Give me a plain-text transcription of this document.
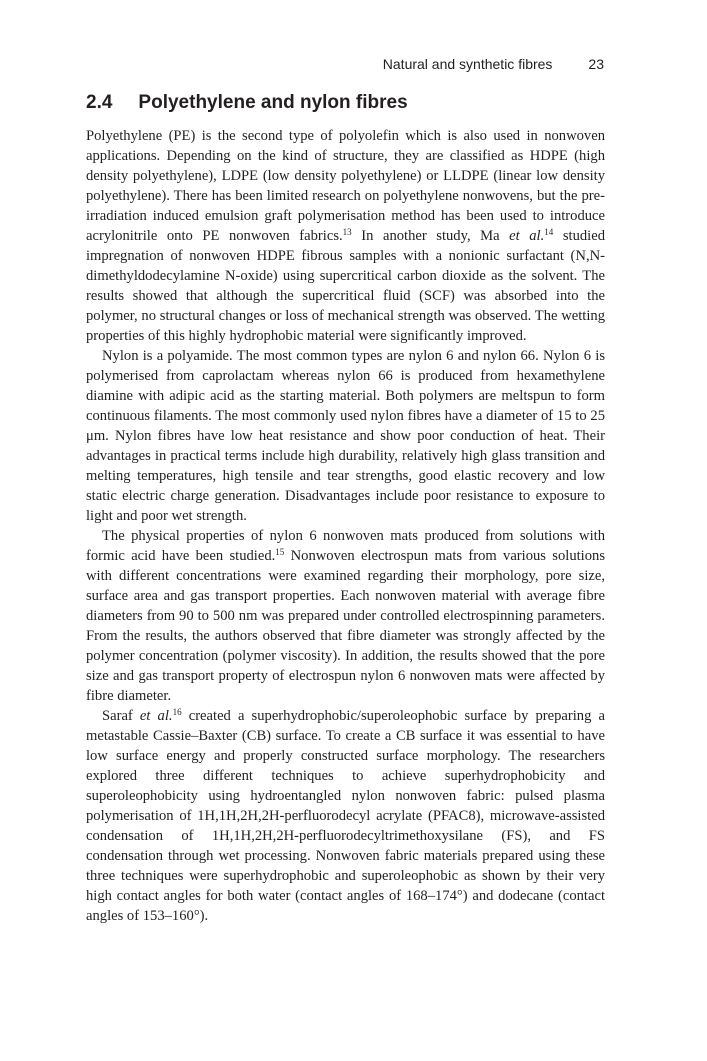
Natural and synthetic fibres	23
2.4 Polyethylene and nylon fibres

Polyethylene (PE) is the second type of polyolefin which is also used in nonwoven applications. Depending on the kind of structure, they are classified as HDPE (high density polyethylene), LDPE (low density polyethylene) or LLDPE (linear low density polyethylene). There has been limited research on polyethylene nonwovens, but the pre-irradiation induced emulsion graft polymerisation method has been used to introduce acrylonitrile onto PE nonwoven fabrics.$^{13}$ In another study, Ma et al.$^{14}$ studied impregnation of nonwoven HDPE fibrous samples with a nonionic surfactant (N,N-dimethyldodecylamine N-oxide) using supercritical carbon dioxide as the solvent. The results showed that although the supercritical fluid (SCF) was absorbed into the polymer, no structural changes or loss of mechanical strength was observed. The wetting properties of this highly hydrophobic material were significantly improved.

Nylon is a polyamide. The most common types are nylon 6 and nylon 66. Nylon 6 is polymerised from caprolactam whereas nylon 66 is produced from hexamethylene diamine with adipic acid as the starting material. Both polymers are meltspun to form continuous filaments. The most commonly used nylon fibres have a diameter of 15 to 25 μm. Nylon fibres have low heat resistance and show poor conduction of heat. Their advantages in practical terms include high durability, relatively high glass transition and melting temperatures, high tensile and tear strengths, good elastic recovery and low static electric charge generation. Disadvantages include poor resistance to exposure to light and poor wet strength.

The physical properties of nylon 6 nonwoven mats produced from solutions with formic acid have been studied.$^{15}$ Nonwoven electrospun mats from various solutions with different concentrations were examined regarding their morphology, pore size, surface area and gas transport properties. Each nonwoven material with average fibre diameters from 90 to 500 nm was prepared under controlled electrospinning parameters. From the results, the authors observed that fibre diameter was strongly affected by the polymer concentration (polymer viscosity). In addition, the results showed that the pore size and gas transport property of electrospun nylon 6 nonwoven mats were affected by fibre diameter.

Saraf et al.$^{16}$ created a superhydrophobic/superoleophobic surface by preparing a metastable Cassie–Baxter (CB) surface. To create a CB surface it was essential to have low surface energy and properly constructed surface morphology. The researchers explored three different techniques to achieve superhydrophobicity and superoleophobicity using hydroentangled nylon nonwoven fabric: pulsed plasma polymerisation of 1H,1H,2H,2H-perfluorodecyl acrylate (PFAC8), microwave-assisted condensation of 1H,1H,2H,2H-perfluorodecyltrimethoxysilane (FS), and FS condensation through wet processing. Nonwoven fabric materials prepared using these three techniques were superhydrophobic and superoleophobic as shown by their very high contact angles for both water (contact angles of 168–174°) and dodecane (contact angles of 153–160°).
